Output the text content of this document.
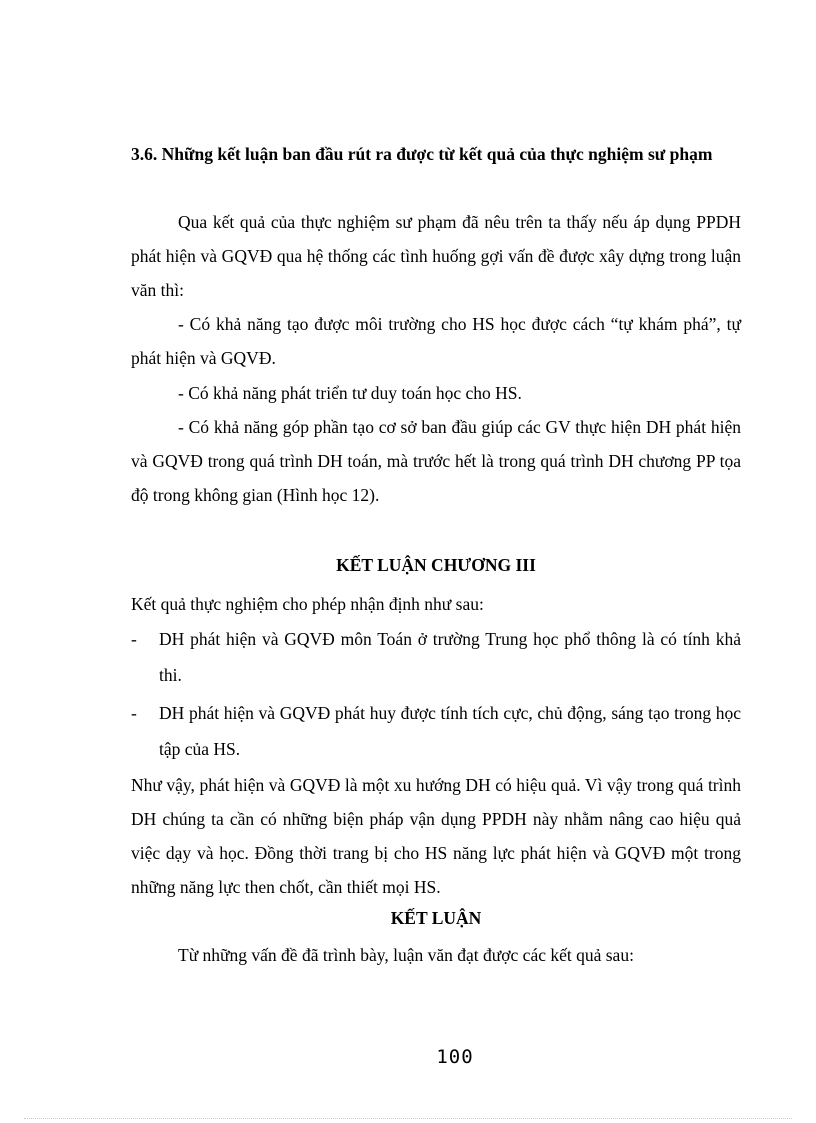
3.6. Những kết luận ban đầu rút ra được từ kết quả của thực nghiệm sư phạm
Qua kết quả của thực nghiệm sư phạm đã nêu trên ta thấy nếu áp dụng PPDH phát hiện và GQVĐ qua hệ thống các tình huống gợi vấn đề được xây dựng trong luận văn thì:
- Có khả năng tạo được môi trường cho HS học được cách “tự khám phá”, tự phát hiện và GQVĐ.
- Có khả năng phát triển tư duy toán học cho HS.
- Có khả năng góp phần tạo cơ sở ban đầu giúp các GV thực hiện DH phát hiện và GQVĐ trong quá trình DH toán, mà trước hết là trong quá trình DH chương PP tọa độ trong không gian (Hình học 12).
KẾT LUẬN CHƯƠNG III
Kết quả thực nghiệm cho phép nhận định như sau:
-	DH phát hiện và GQVĐ môn Toán ở trường Trung học phổ thông là có tính khả thi.
-	DH phát hiện và GQVĐ phát huy được tính tích cực, chủ động, sáng tạo trong học tập của HS.
Như vậy, phát hiện và GQVĐ là một xu hướng DH có hiệu quả. Vì vậy trong quá trình DH chúng ta cần có những biện pháp vận dụng PPDH này nhằm nâng cao hiệu quả việc dạy và học. Đồng thời trang bị cho HS năng lực phát hiện và GQVĐ một trong những năng lực then chốt, cần thiết mọi HS.
KẾT LUẬN
Từ những vấn đề đã trình bày, luận văn đạt được các kết quả sau:
100
